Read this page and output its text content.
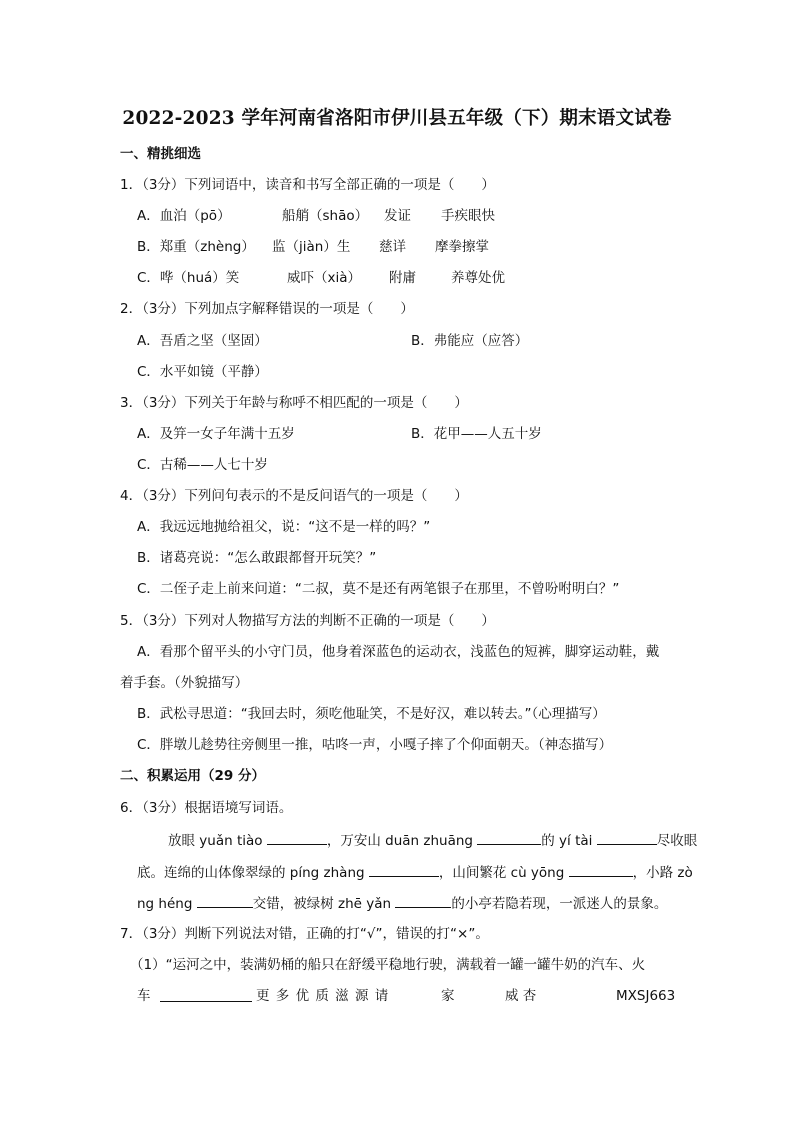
2022-2023 学年河南省洛阳市伊川县五年级（下）期末语文试卷
一、精挑细选
1．（3分）下列词语中，读音和书写全部正确的一项是（　　）
A．血泊（pō）	船艄（shāo） 发证 手疾眼快
B．郑重（zhèng） 监（jiàn）生 慈详 摩拳擦掌
C．哗（huá）笑	威吓（xià） 附庸	养尊处优
2．（3分）下列加点字解释错误的一项是（　　）
A．吾盾之坚（坚固）	B．弗能应（应答）
C．水平如镜（平静）
3．（3分）下列关于年龄与称呼不相匹配的一项是（　　）
A．及笄一女子年满十五岁	B．花甲——人五十岁
C．古稀——人七十岁
4．（3分）下列问句表示的不是反问语气的一项是（　　）
A．我远远地抛给祖父，说：“这不是一样的吗？”
B．诸葛亮说：“怎么敢跟都督开玩笑？”
C．二侄子走上前来问道：“二叔，莫不是还有两笔银子在那里，不曾吩咐明白？”
5．（3分）下列对人物描写方法的判断不正确的一项是（　　）
A．看那个留平头的小守门员，他身着深蓝色的运动衣，浅蓝色的短裤，脚穿运动鞋，戴
着手套。（外貌描写）
B．武松寻思道：“我回去时，须吃他耻笑，不是好汉，难以转去。”（心理描写）
C．胖墩儿趁势往旁侧里一推，咕咚一声，小嘎子摔了个仰面朝天。（神态描写）
二、积累运用（29 分）
6．（3分）根据语境写词语。
放眼 yuǎn tiào	，万安山 duān zhuāng	的 yí tài	尽收眼
底。连绵的山体像翠绿的 píng zhàng	，山间繁花 cù yōng	，小路 zò
ng héng	交错，被绿树 zhē yǎn	的小亭若隐若现，一派迷人的景象。
7．（3分）判断下列说法对错，正确的打“√”，错误的打“×”。
（1）“运河之中，装满奶桶的船只在舒缓平稳地行驶，满载着一罐一罐牛奶的汽车、火
车	更 多 优 质 滋 源 请	家	威 杏	MXSJ663
